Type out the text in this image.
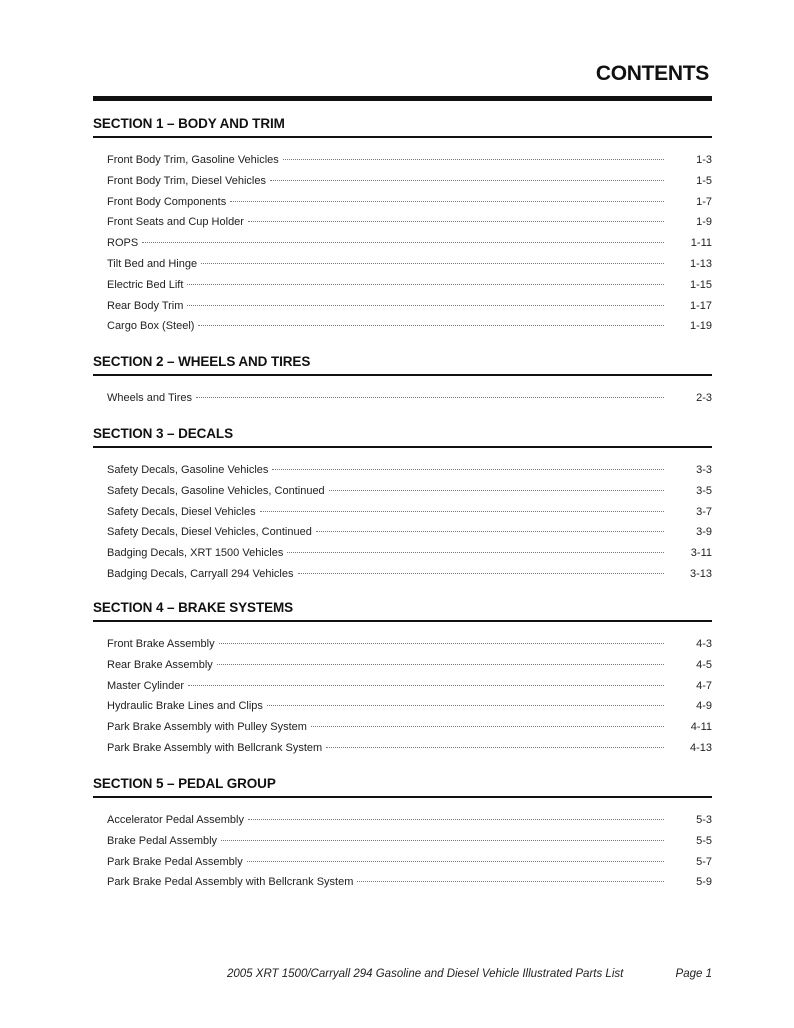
CONTENTS
SECTION 1 – BODY AND TRIM
Front Body Trim, Gasoline Vehicles	1-3
Front Body Trim, Diesel Vehicles	1-5
Front Body Components	1-7
Front Seats and Cup Holder	1-9
ROPS	1-11
Tilt Bed and Hinge	1-13
Electric Bed Lift	1-15
Rear Body Trim	1-17
Cargo Box (Steel)	1-19
SECTION 2 – WHEELS AND TIRES
Wheels and Tires	2-3
SECTION 3 – DECALS
Safety Decals, Gasoline Vehicles	3-3
Safety Decals, Gasoline Vehicles, Continued	3-5
Safety Decals, Diesel Vehicles	3-7
Safety Decals, Diesel Vehicles, Continued	3-9
Badging Decals, XRT 1500 Vehicles	3-11
Badging Decals, Carryall 294 Vehicles	3-13
SECTION 4 – BRAKE SYSTEMS
Front Brake Assembly	4-3
Rear Brake Assembly	4-5
Master Cylinder	4-7
Hydraulic Brake Lines and Clips	4-9
Park Brake Assembly with Pulley System	4-11
Park Brake Assembly with Bellcrank System	4-13
SECTION 5 – PEDAL GROUP
Accelerator Pedal Assembly	5-3
Brake Pedal Assembly	5-5
Park Brake Pedal Assembly	5-7
Park Brake Pedal Assembly with Bellcrank System	5-9
2005 XRT 1500/Carryall 294 Gasoline and Diesel Vehicle Illustrated Parts List	Page 1
